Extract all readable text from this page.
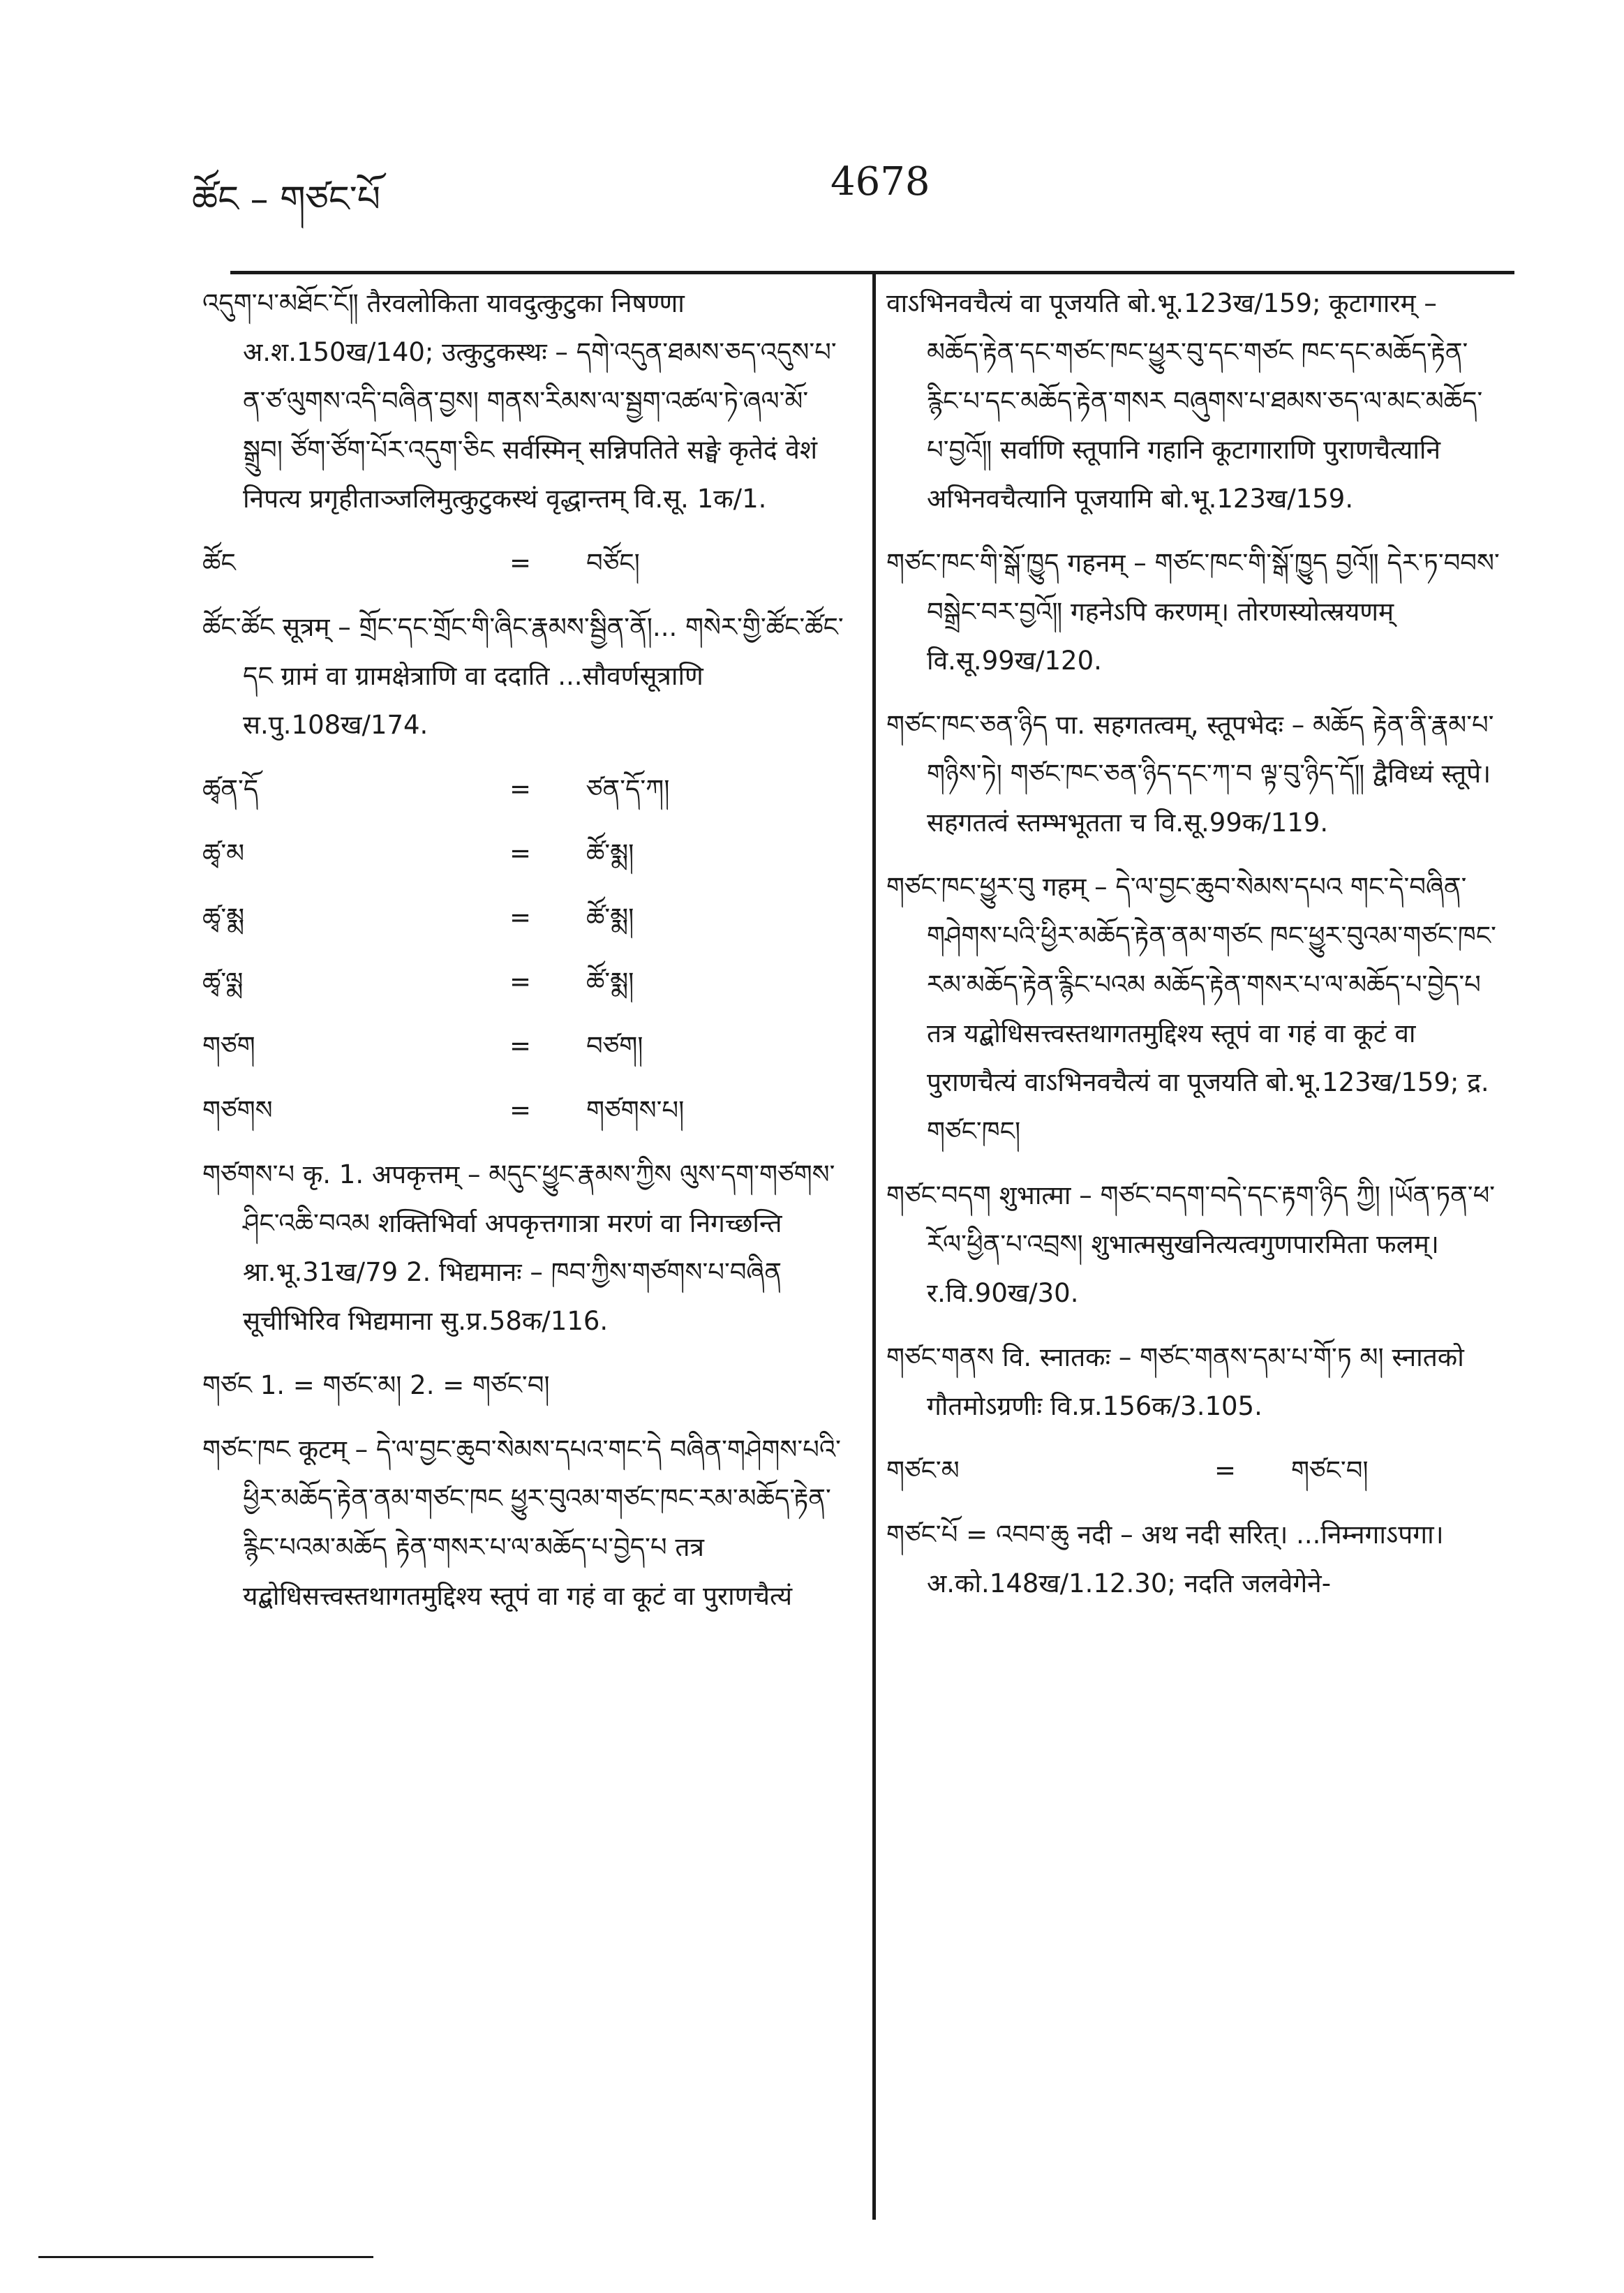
ཚོང – གཙང་པོ	4678
འདུག་པ་མཐོང་ངོ༎ तैरवलोकिता यावदुत्कुटुका निषण्णा अ.श.150ख/140; उत्कुटुकस्थः – དགེ་འདུན་ཐམས་ཅད་འདུས་པ་ན་ཙ་ལུགས་འདི་བཞིན་བྱས། གནས་རིམས་ལ་སྦྱག་འཚལ་ཏེ་ཞལ་མོ་སྒྲུབ། ཙོག་ཙོག་པོར་འདུག་ཅིང सर्वस्मिन् सन्निपतिते सङ्घे कृतेदं वेशं निपत्य प्रगृहीताञ्जलिमुत्कुटुकस्थं वृद्धान्तम् वि.सू. 1क/1.
ཚོང	=	བཙོང།
ཚོང་ཚོང सूत्रम् – གྲོང་དང་གྲོང་གི་ཞིང་རྣམས་སྦྱིན་ནོ།... གསེར་གྱི་ཚོང་ཚོང་དང ग्रामं वा ग्रामक्षेत्राणि वा ददाति ...सौवर्णसूत्राणि स.पु.108ख/174.
ཚྭན་དོ	=	ཙན་དོ་ཀ།
ཚྭ་མ	=	ཚོ་མྨ།
ཚྭ་མྨ	=	ཚོ་མྨ།
ཚྭ་ལྨ	=	ཚོ་མྨ།
གཙག	=	བཙག།
གཙགས	=	གཙགས་པ།
གཙགས་པ कृ. 1. अपकृत्तम् – མདུང་ཕྱུང་རྣམས་ཀྱིས ལུས་དག་གཙགས་ཤིང་འཆི་བའམ शक्तिभिर्वा अपकृत्तगात्रा मरणं वा निगच्छन्ति श्रा.भू.31ख/79 2. भिद्यमानः – ཁབ་ཀྱིས་གཙགས་པ་བཞིན सूचीभिरिव भिद्यमाना सु.प्र.58क/116.
གཙང 1. = གཙང་མ། 2. = གཙང་བ།
གཙང་ཁང कूटम् – དེ་ལ་བྱང་ཆུབ་སེམས་དཔའ་གང་དེ བཞིན་གཤེགས་པའི་ཕྱིར་མཆོད་རྟེན་ནམ་གཙང་ཁང ཕྱུར་བུའམ་གཙང་ཁང་རམ་མཆོད་རྟེན་རྙིང་པའམ་མཆོད རྟེན་གསར་པ་ལ་མཆོད་པ་བྱེད་པ तत्र यद्बोधिसत्त्वस्तथागतमुद्दिश्य स्तूपं वा गहं वा कूटं वा पुराणचैत्यं
वाऽभिनवचैत्यं वा पूजयति बो.भू.123ख/159; कूटागारम् – མཆོད་རྟེན་དང་གཙང་ཁང་ཕྱུར་བུ་དང་གཙང ཁང་དང་མཆོད་རྟེན་རྙིང་པ་དང་མཆོད་རྟེན་གསར བཞུགས་པ་ཐམས་ཅད་ལ་མང་མཆོད་པ་བྱའོ༎ सर्वाणि स्तूपानि गहानि कूटागाराणि पुराणचैत्यानि अभिनवचैत्यानि पूजयामि बो.भू.123ख/159.
གཙང་ཁང་གི་སྒོ་ཁྱུད गहनम् – གཙང་ཁང་གི་སྒོ་ཁྱུད བྱའོ༎ དེར་ཏ་བབས་བསྒྲེང་བར་བྱའོ༎ गहनेऽपि करणम्। तोरणस्योत्स्रयणम् वि.सू.99ख/120.
གཙང་ཁང་ཅན་ཉིད पा. सहगतत्वम्, स्तूपभेदः – མཆོད རྟེན་ནི་རྣམ་པ་གཉིས་ཏེ། གཙང་ཁང་ཅན་ཉིད་དང་ཀ་བ ལྟ་བུ་ཉིད་དོ༎ द्वैविध्यं स्तूपे। सहगतत्वं स्तम्भभूतता च वि.सू.99क/119.
གཙང་ཁང་ཕྱུར་བུ गहम् – དེ་ལ་བྱང་ཆུབ་སེམས་དཔའ གང་དེ་བཞིན་གཤེགས་པའི་ཕྱིར་མཆོད་རྟེན་ནམ་གཙང ཁང་ཕྱུར་བུའམ་གཙང་ཁང་རམ་མཆོད་རྟེན་རྙིང་པའམ མཆོད་རྟེན་གསར་པ་ལ་མཆོད་པ་བྱེད་པ तत्र यद्बोधिसत्त्वस्तथागतमुद्दिश्य स्तूपं वा गहं वा कूटं वा पुराणचैत्यं वाऽभिनवचैत्यं वा पूजयति बो.भू.123ख/159; द्र. གཙང་ཁང།
གཙང་བདག शुभात्मा – གཙང་བདག་བདེ་དང་རྟག་ཉིད ཀྱི། །ཡོན་ཏན་ཕ་རོལ་ཕྱིན་པ་འབྲས། शुभात्मसुखनित्यत्वगुणपारमिता फलम्। र.वि.90ख/30.
གཙང་གནས वि. स्नातकः – གཙང་གནས་དམ་པ་གོ་ཏ མ། स्नातको गौतमोऽग्रणीः वि.प्र.156क/3.105.
གཙང་མ	=	གཙང་བ།
གཙང་པོ = འབབ་ཆུ नदी – अथ नदी सरित्। ...निम्नगाऽपगा। अ.को.148ख/1.12.30; नदति जलवेगेने-
